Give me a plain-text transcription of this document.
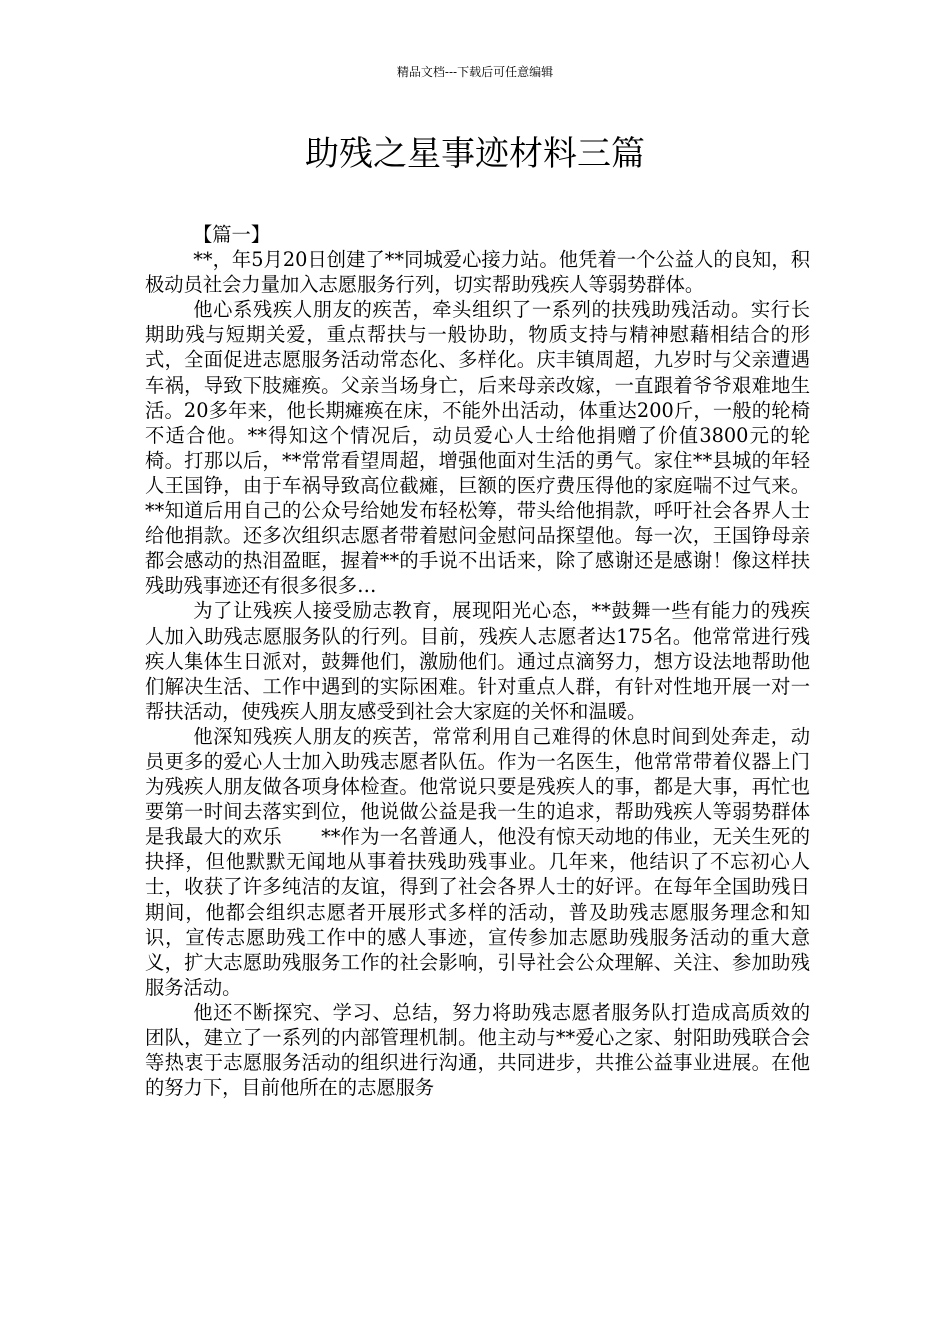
精品文档---下载后可任意编辑
助残之星事迹材料三篇

【篇一】

**，年5月20日创建了**同城爱心接力站。他凭着一个公益人的良知，积极动员社会力量加入志愿服务行列，切实帮助残疾人等弱势群体。

他心系残疾人朋友的疾苦，牵头组织了一系列的扶残助残活动。实行长期助残与短期关爱，重点帮扶与一般协助，物质支持与精神慰藉相结合的形式，全面促进志愿服务活动常态化、多样化。庆丰镇周超，九岁时与父亲遭遇车祸，导致下肢瘫痪。父亲当场身亡，后来母亲改嫁，一直跟着爷爷艰难地生活。20多年来，他长期瘫痪在床，不能外出活动，体重达200斤，一般的轮椅不适合他。**得知这个情况后，动员爱心人士给他捐赠了价值3800元的轮椅。打那以后，**常常看望周超，增强他面对生活的勇气。家住**县城的年轻人王国铮，由于车祸导致高位截瘫，巨额的医疗费压得他的家庭喘不过气来。**知道后用自己的公众号给她发布轻松筹，带头给他捐款，呼吁社会各界人士给他捐款。还多次组织志愿者带着慰问金慰问品探望他。每一次，王国铮母亲都会感动的热泪盈眶，握着**的手说不出话来，除了感谢还是感谢！像这样扶残助残事迹还有很多很多…

为了让残疾人接受励志教育，展现阳光心态，**鼓舞一些有能力的残疾人加入助残志愿服务队的行列。目前，残疾人志愿者达175名。他常常进行残疾人集体生日派对，鼓舞他们，激励他们。通过点滴努力，想方设法地帮助他们解决生活、工作中遇到的实际困难。针对重点人群，有针对性地开展一对一帮扶活动，使残疾人朋友感受到社会大家庭的关怀和温暖。

他深知残疾人朋友的疾苦，常常利用自己难得的休息时间到处奔走，动员更多的爱心人士加入助残志愿者队伍。作为一名医生，他常常带着仪器上门为残疾人朋友做各项身体检查。他常说只要是残疾人的事，都是大事，再忙也要第一时间去落实到位，他说做公益是我一生的追求，帮助残疾人等弱势群体是我最大的欢乐　　**作为一名普通人，他没有惊天动地的伟业，无关生死的抉择，但他默默无闻地从事着扶残助残事业。几年来，他结识了不忘初心人士，收获了许多纯洁的友谊，得到了社会各界人士的好评。在每年全国助残日期间，他都会组织志愿者开展形式多样的活动，普及助残志愿服务理念和知识，宣传志愿助残工作中的感人事迹，宣传参加志愿助残服务活动的重大意义，扩大志愿助残服务工作的社会影响，引导社会公众理解、关注、参加助残服务活动。

他还不断探究、学习、总结，努力将助残志愿者服务队打造成高质效的团队，建立了一系列的内部管理机制。他主动与**爱心之家、射阳助残联合会等热衷于志愿服务活动的组织进行沟通，共同进步，共推公益事业进展。在他的努力下，目前他所在的志愿服务
